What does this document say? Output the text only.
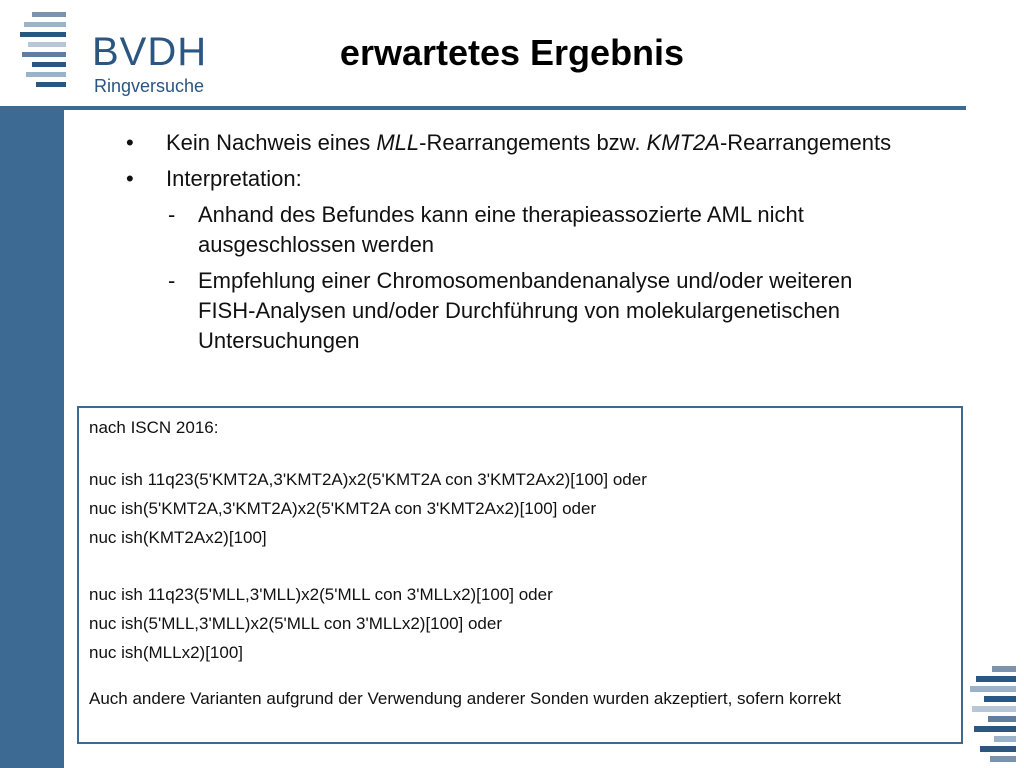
BVDH
Ringversuche
erwartetes Ergebnis
• Kein Nachweis eines MLL-Rearrangements bzw. KMT2A-Rearrangements
• Interpretation:
- Anhand des Befundes kann eine therapieassozierte AML nicht
ausgeschlossen werden
- Empfehlung einer Chromosomenbandenanalyse und/oder weiteren
FISH-Analysen und/oder Durchführung von molekulargenetischen
Untersuchungen
nach ISCN 2016:
nuc ish 11q23(5'KMT2A,3'KMT2A)x2(5'KMT2A con 3'KMT2Ax2)[100] oder
nuc ish(5'KMT2A,3'KMT2A)x2(5'KMT2A con 3'KMT2Ax2)[100] oder
nuc ish(KMT2Ax2)[100]
nuc ish 11q23(5'MLL,3'MLL)x2(5'MLL con 3'MLLx2)[100] oder
nuc ish(5'MLL,3'MLL)x2(5'MLL con 3'MLLx2)[100] oder
nuc ish(MLLx2)[100]
Auch andere Varianten aufgrund der Verwendung anderer Sonden wurden akzeptiert, sofern korrekt
